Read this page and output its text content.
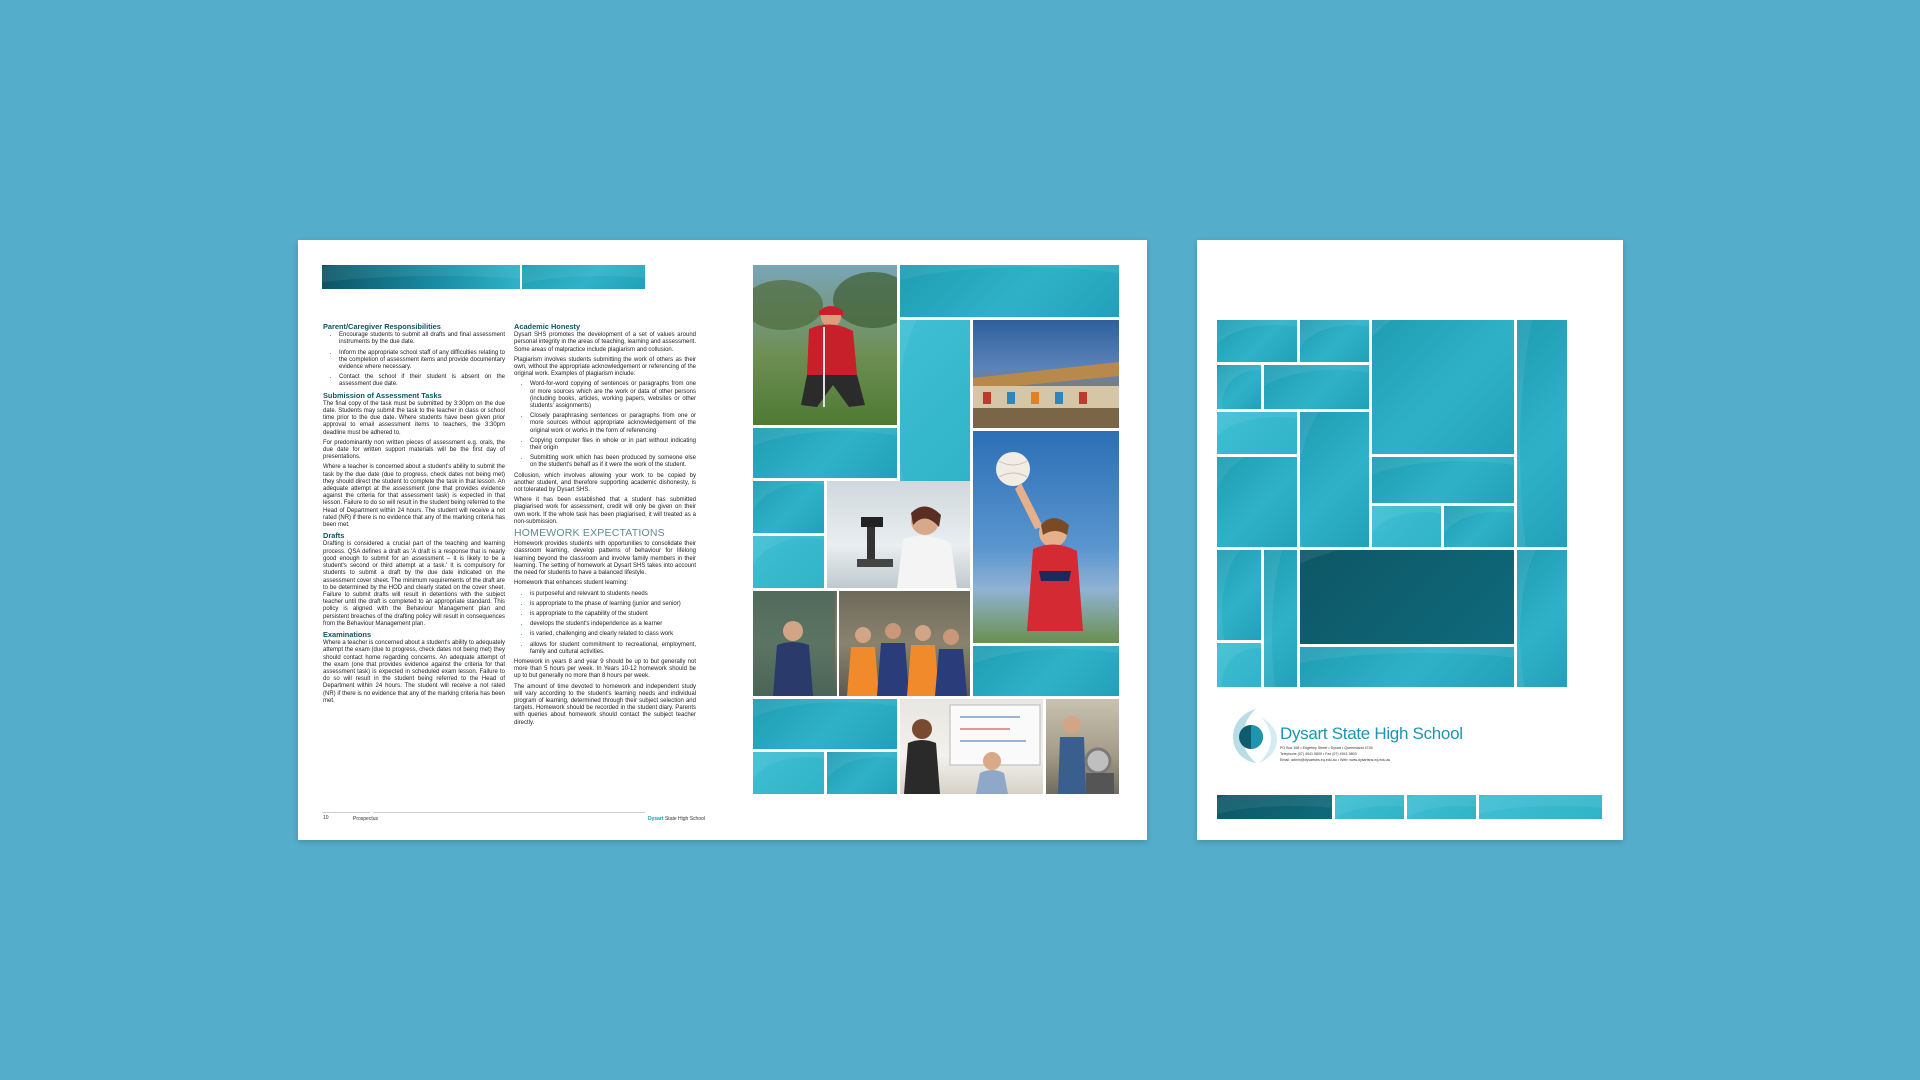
Parent/Caregiver Responsibilities
• Encourage students to submit all drafts and final assessment instruments by the due date.
• Inform the appropriate school staff of any difficulties relating to the completion of assessment items and provide documentary evidence where necessary.
• Contact the school if their student is absent on the assessment due date.
Submission of Assessment Tasks

The final copy of the task must be submitted by 3:30pm on the due date. Students may submit the task to the teacher in class or school time prior to the due date. Where students have been given prior approval to email assessment items to teachers, the 3:30pm deadline must be adhered to.

For predominantly non written pieces of assessment e.g. orals, the due date for written support materials will be the first day of presentations.

Where a teacher is concerned about a student's ability to submit the task by the due date (due to progress, check dates not being met) they should direct the student to complete the task in that lesson. An adequate attempt at the assessment (one that provides evidence against the criteria for that assessment task) is expected in that lesson. Failure to do so will result in the student being referred to the Head of Department within 24 hours. The student will receive a not rated (NR) if there is no evidence that any of the marking criteria has been met.

Drafts

Drafting is considered a crucial part of the teaching and learning process. QSA defines a draft as 'A draft is a response that is nearly good enough to submit for an assessment – it is likely to be a student's second or third attempt at a task.' It is compulsory for students to submit a draft by the due date indicated on the assessment cover sheet. The minimum requirements of the draft are to be determined by the HOD and clearly stated on the cover sheet. Failure to submit drafts will result in detentions with the subject teacher until the draft is completed to an appropriate standard. This policy is aligned with the Behaviour Management plan and persistent breaches of the drafting policy will result in consequences from the Behaviour Management plan.

Examinations

Where a teacher is concerned about a student's ability to adequately attempt the exam (due to progress, check dates not being met) they should contact home regarding concerns. An adequate attempt of the exam (one that provides evidence against the criteria for that assessment task) is expected in scheduled exam lesson. Failure to do so will result in the student being referred to the Head of Department within 24 hours. The student will receive a not rated (NR) if there is no evidence that any of the marking criteria has been met.

Academic Honesty

Dysart SHS promotes the development of a set of values around personal integrity in the areas of teaching, learning and assessment. Some areas of malpractice include plagiarism and collusion.

Plagiarism involves students submitting the work of others as their own, without the appropriate acknowledgement or referencing of the original work. Examples of plagiarism include:

• Word-for-word copying of sentences or paragraphs from one or more sources which are the work or data of other persons (including books, articles, working papers, websites or other students' assignments)
• Closely paraphrasing sentences or paragraphs from one or more sources without appropriate acknowledgement of the original work or works in the form of referencing
• Copying computer files in whole or in part without indicating their origin
• Submitting work which has been produced by someone else on the student's behalf as if it were the work of the student.

Collusion, which involves allowing your work to be copied by another student, and therefore supporting academic dishonesty, is not tolerated by Dysart SHS.

Where it has been established that a student has submitted plagiarised work for assessment, credit will only be given on their own work. If the whole task has been plagiarised, it will treated as a non-submission.

HOMEWORK EXPECTATIONS

Homework provides students with opportunities to consolidate their classroom learning, develop patterns of behaviour for lifelong learning beyond the classroom and involve family members in their learning. The setting of homework at Dysart SHS takes into account the need for students to have a balanced lifestyle.

Homework that enhances student learning:

• is purposeful and relevant to students needs
• is appropriate to the phase of learning (junior and senior)
• is appropriate to the capability of the student
• develops the student's independence as a learner
• is varied, challenging and clearly related to class work
• allows for student commitment to recreational, employment, family and cultural activities.

Homework in years 8 and year 9 should be up to but generally not more than 5 hours per week. In Years 10-12 homework should be up to but generally no more than 8 hours per week.

The amount of time devoted to homework and independent study will vary according to the student's learning needs and individual program of learning, determined through their subject selection and targets. Homework should be recorded in the student diary. Parents with queries about homework should contact the subject teacher directly.

10	Prospectus	Dysart State High School
Dysart State High School
PO Box 168 • Edgerley Street • Dysart • Queensland 4745
Telephone (07) 4941 9800 • Fax (07) 4941 9803
Email: admin@dysartshs.eq.edu.au • Web: www.dysartshs.eq.edu.au
